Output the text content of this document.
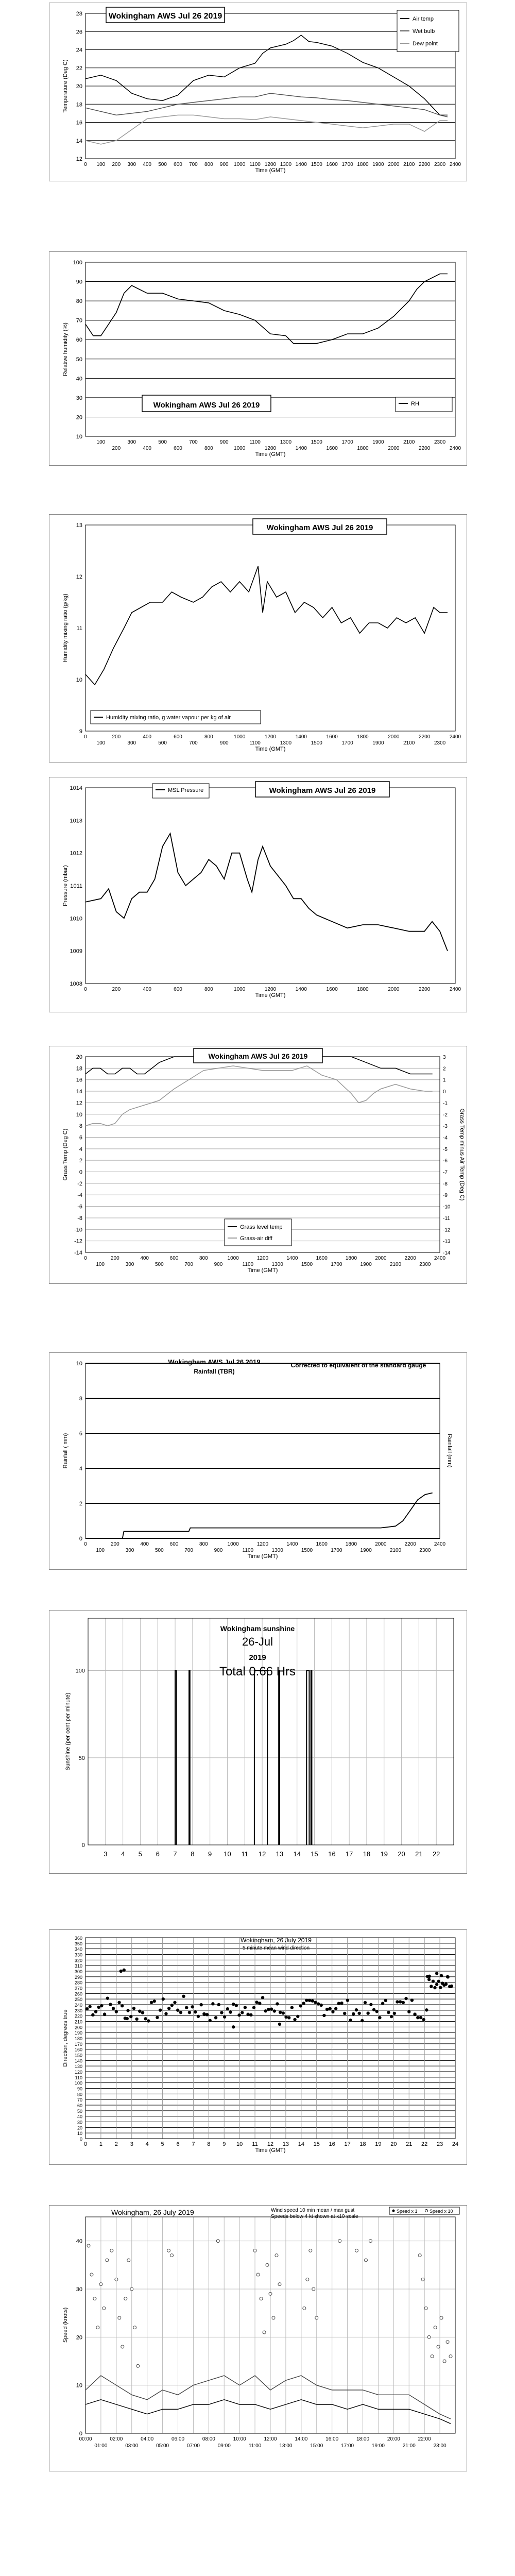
12
14
16
18
20
22
24
26
28
0 100 200 300 400 500 600 700 800 900 1000 1100 1200 1300 1400 1500 1600 1700 1800 1900 2000 2100 2200 2300 2400
Time (GMT)
Temperature (Deg C)
Wokingham AWS Jul 26 2019	Air temp
Wet bulb
Dew point
10
20
30
40
50
60
70
80
90
100
100
200
300
400
500
600
700
800
900
1000
1100
1200
1300
1400
1500
1600
1700
1800
1900
2000
2100
2200
2300
2400
Time (GMT)
Relative humidity (%)
Wokingham AWS Jul 26 2019	RH
9
10
11
12
13
0
100
200
300
400
500
600
700
800
900
1000
1100
1200
1300
1400
1500
1600
1700
1800
1900
2000
2100
2200
2300
2400
Time (GMT)
Humidity mixing ratio (g/kg)
Wokingham AWS Jul 26 2019
Humidity mixing ratio, g water vapour per kg of air
1008
1009
1010
1011
1012
1013
1014
0	200	400	600	800	1000	1200	1400	1600	1800	2000	2200	2400
Time (GMT)
Pressure (mbar)
Wokingham AWS Jul 26 2019
MSL Pressure
-14
-12
-10
-8
-6
-4
-2
0
2
4
6
8
10
12
14
16
18
20
0
100
200
300
400
500
600
700
800
900
1000
1100
1200
1300
1400
1500
1600
1700
1800
1900
2000
2100
2200
2300
2400
Time (GMT)
Grass Temp (Deg C)
-14
-13
-12
-11
-10
-9
-8
-7
-6
-5
-4
-3
-2
-1
0
1
2
3
Grass Temp minus Air Temp (Deg C)
Wokingham AWS Jul 26 2019
Grass level temp
Grass-air diff
0
2
4
6
8
10
0
100
200
300
400
500
600
700
800
900
1000
1100
1200
1300
1400
1500
1600
1700
1800
1900
2000
2100
2200
2300
2400
Time (GMT)
Rainfall ( mm)	Rainfall (mm)
Wokingham AWS Jul 26 2019
Rainfall (TBR)
Corrected to equivalent of the standard gauge
0
50
100
3 4 5 6 7 8 9 10 11 12 13 14 15 16 17 18 19 20 21 22
Sunshine (per cent per minute)
Wokingham sunshine
26-Jul
2019
Total 0.66 Hrs
0
10
20
30
40
50
60
70
80
90
100
110
120
130
140
150
160
170
180
190
200
210
220
230
240
250
260
270
280
290
300
310
320
330
340
350
360
0 1 2 3 4 5 6 7 8 9 10 11 12 13 14 15 16 17 18 19 20 21 22 23 24
Time (GMT)
Direction, degrees true
Wokingham, 26 July 2019
5 minute mean wind direction
0
10
20
30
40
00:00
01:00
02:00
03:00
04:00
05:00
06:00
07:00
08:00
09:00
10:00
11:00
12:00
13:00
14:00
15:00
16:00
17:00
18:00
19:00
20:00
21:00
22:00
23:00
Speed (knots)
Wokingham, 26 July 2019	Wind speed 10 min mean / max gust
Speeds below 4 kt shown at x10 scale
Speed x 1	Speed x 10
